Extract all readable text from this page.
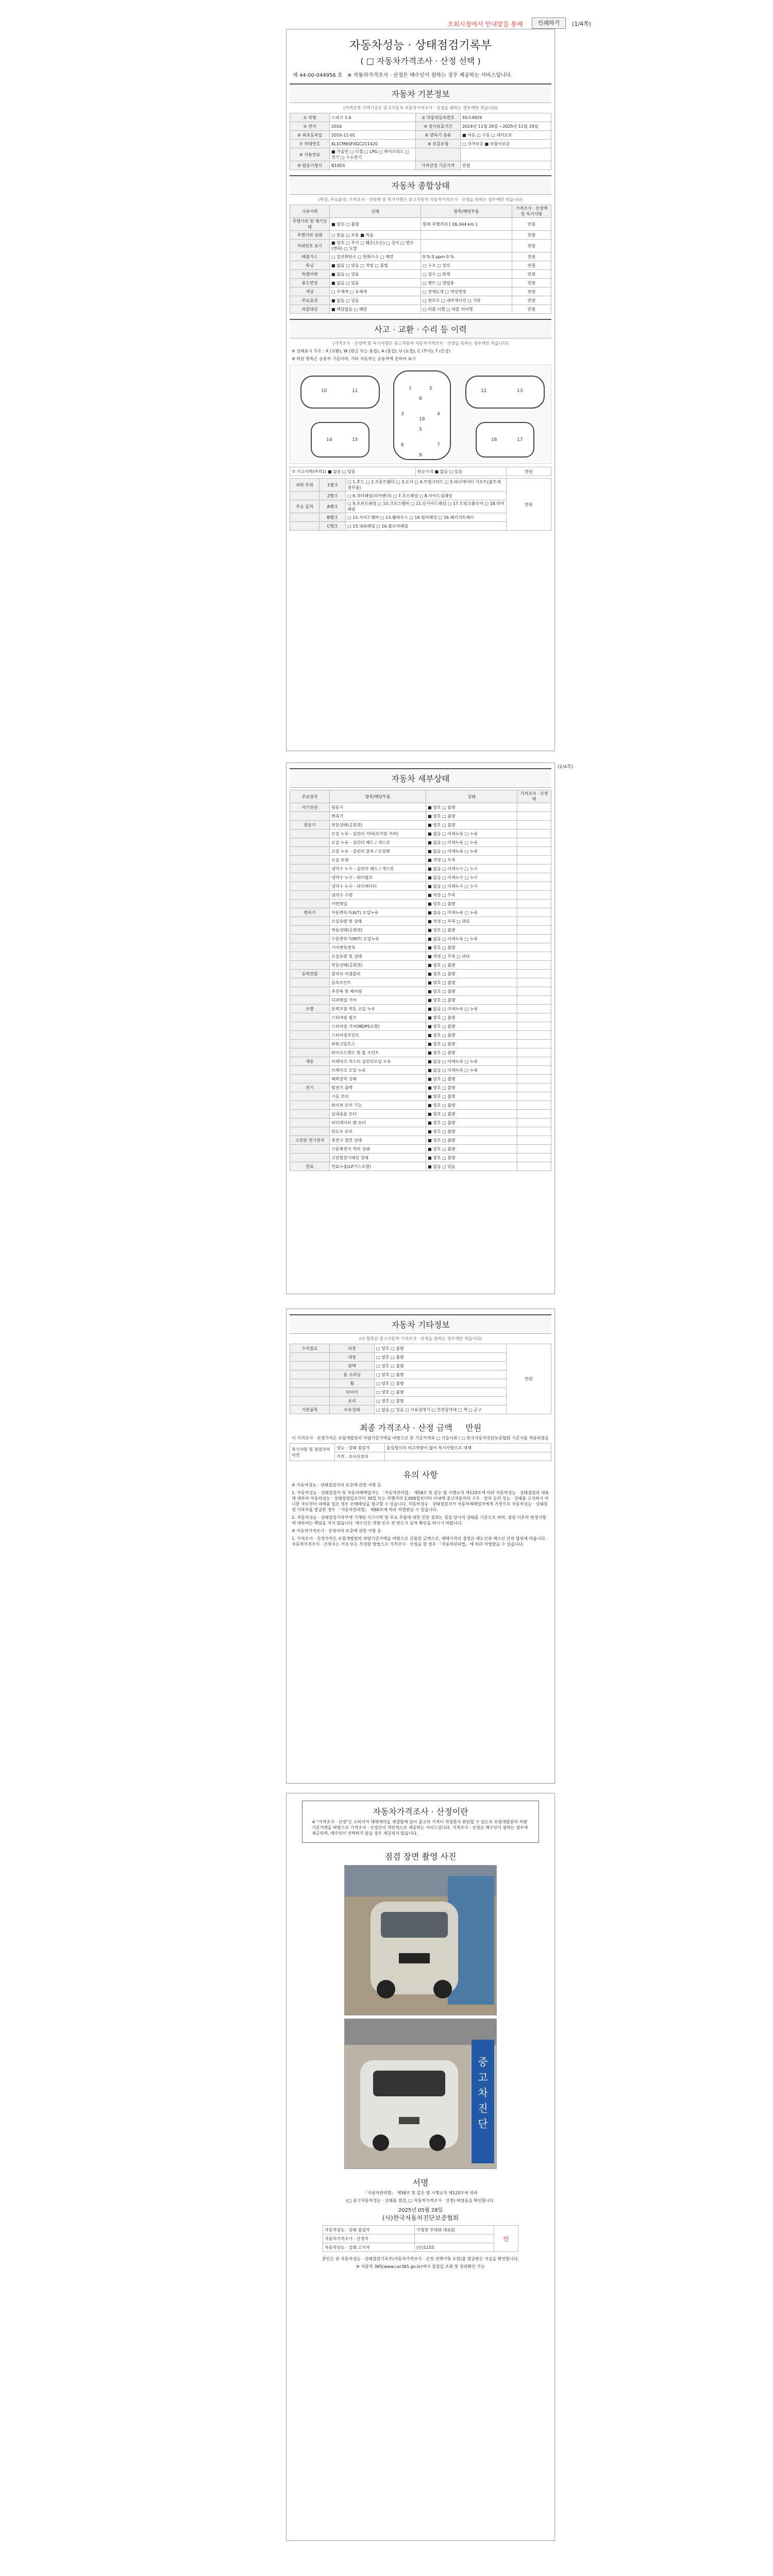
조회시점에서 안내말을 통해	인쇄하기	(1/4쪽)
자동차성능 · 상태점검기록부
( □ 자동차가격조사 · 산정 선택 )
제 44-00-044956 호 ※ 자동차가격조사 · 산정은 매수인이 원하는 경우 제공하는 서비스입니다.
자동차 기본정보
(가격산정 가격기준은 중고자동차 자동차가격조사 · 산정을 원하는 경우에만 적습니다)
① 차명	스파크 1.0	② 자동차등록번호	50조4929
③ 연식	2016	④ 검사유효기간	2024년 11월 20일 ~2025년 11월 19일
⑤ 최초등록일	2016-11-01	⑥ 변속기 종류	■ 자동 □ 수동 □ 세미오토
⑦ 차대번호	KL1CM6SFXGC211420	⑧ 보증유형	□ 자가보증 ■ 보험사보증
⑨ 사용연료	■ 가솔린 □ 디젤 □ LPG □ 하이브리드 □ 전기 □ 수소전기		
⑩ 원동기형식	B10D1	가격산정 기준가격	만원
자동차 종합상태
(특정, 주요옵션, 가격조사 · 산정액 및 특기사항은 중고자동차 자동차가격조사 · 산정을 원하는 경우에만 적습니다)
사용이력	상태	항목/해당부품	가격조사 · 산정액 및 특기사항
주행거리 및 계기상태	■ 양호 □ 불량	현재 주행거리 [ 26,344 km ]	만원
주행거리 상태	□ 많음 □ 보통 ■ 적음		만원
차대번호 표기	■ 양호 □ 부식 □ 훼손(오손) □ 상이 □ 변조(변타) □ 도말		만원
배출가스	□ 일산화탄소 □ 탄화수소 □ 매연	0 % 0 ppm 0 %	만원
튜닝	■ 없음 □ 있음 □ 적법 □ 불법	□ 구조 □ 장치	만원
특별이력	■ 없음 □ 있음	□ 침수 □ 화재	만원
용도변경	■ 없음 □ 있음	□ 렌트 □ 영업용	만원
색상	□ 무채색 □ 유채색	□ 전체도색 □ 색상변경	만원
주요옵션	■ 없음 □ 있음	□ 썬루프 □ 네비게이션 □ 기타	만원
리콜대상	■ 해당없음 □ 해당	□ 리콜 이행 □ 리콜 미이행	만원
사고 · 교환 · 수리 등 이력
(가격조사 · 산정액 및 특기사항은 중고자동차 자동차가격조사 · 산정을 원하는 경우에만 적습니다)
※ 상태표시 부호 : X (교환), W (판금 또는 용접), A (흠집), U (요철), C (부식), T (손상)
※ 하단 항목은 승용차 기준이며, 기타 자동차는 승용차에 준하여 표시
1	2
3	4
5
6	7
8
9
10	11	12	13
14	15	16	17
18
⑦ 사고이력(주의1) ■ 없음 □ 있음	단순수리 ■ 없음 □ 있음	만원
외판 부위	1랭크	□ 1.후드 □ 2.프론트휀더 □ 3.도어 □ 4.트렁크리드 □ 5.라디에이터 서포트(볼트체결부품)	만원
	2랭크	□ 6.쿼터패널(리어펜더) □ 7.루프패널 □ 8.사이드실패널	
주요 골격	A랭크	□ 9.프론트패널 □ 10.크로스멤버 □ 11.인사이드패널 □ 17.트렁크플로어 □ 18.리어패널	
	B랭크	□ 12.사이드멤버 □ 13.휠하우스 □ 14.필러패널 □ 16.패키지트레이	
	C랭크	□ 15.대쉬패널 □ 16.플로어패널	
(2/4쪽)
자동차 세부상태
주요장치	항목/해당부품	상태	가격조사 · 산정액
자기진단	원동기	■ 양호 □ 불량	
	변속기	■ 양호 □ 불량	
원동기	작동상태(공회전)	■ 양호 □ 불량	
	오일 누유 - 실린더 커버(로커암 커버)	■ 없음 □ 미세누유 □ 누유	
	오일 누유 - 실린더 헤드 / 개스킷	■ 없음 □ 미세누유 □ 누유	
	오일 누유 - 실린더 블록 / 오일팬	■ 없음 □ 미세누유 □ 누유	
	오일 유량	■ 적정 □ 부족	
	냉각수 누수 - 실린더 헤드 / 개스킷	■ 없음 □ 미세누수 □ 누수	
	냉각수 누수 - 워터펌프	■ 없음 □ 미세누수 □ 누수	
	냉각수 누수 - 라디에이터	■ 없음 □ 미세누수 □ 누수	
	냉각수 수량	■ 적정 □ 부족	
	커먼레일	■ 양호 □ 불량	
변속기	자동변속기(A/T) 오일누유	■ 없음 □ 미세누유 □ 누유	
	오일유량 및 상태	■ 적정 □ 부족 □ 과다	
	작동상태(공회전)	■ 양호 □ 불량	
	수동변속기(M/T) 오일누유	■ 없음 □ 미세누유 □ 누유	
	기어변속장치	■ 양호 □ 불량	
	오일유량 및 상태	■ 적정 □ 부족 □ 과다	
	작동상태(공회전)	■ 양호 □ 불량	
동력전달	클러치 어셈블리	■ 양호 □ 불량	
	등속조인트	■ 양호 □ 불량	
	추진축 및 베어링	■ 양호 □ 불량	
	디퍼렌셜 기어	■ 양호 □ 불량	
조향	동력조향 작동 오일 누유	■ 없음 □ 미세누유 □ 누유	
	스티어링 펌프	■ 양호 □ 불량	
	스티어링 기어(MDPS포함)	■ 양호 □ 불량	
	스티어링조인트	■ 양호 □ 불량	
	파워고압호스	■ 양호 □ 불량	
	타이로드엔드 및 볼 조인트	■ 양호 □ 불량	
제동	브레이크 마스터 실린더오일 누유	■ 없음 □ 미세누유 □ 누유	
	브레이크 오일 누유	■ 없음 □ 미세누유 □ 누유	
	배력장치 상태	■ 양호 □ 불량	
전기	발전기 출력	■ 양호 □ 불량	
	시동 모터	■ 양호 □ 불량	
	와이퍼 모터 기능	■ 양호 □ 불량	
	실내송풍 모터	■ 양호 □ 불량	
	라디에이터 팬 모터	■ 양호 □ 불량	
	윈도우 모터	■ 양호 □ 불량	
고전원 전기장치	충전구 절연 상태	■ 양호 □ 불량	
	구동축전지 격리 상태	■ 양호 □ 불량	
	고전원전기배선 상태	■ 양호 □ 불량	
연료	연료누출(LP가스포함)	■ 없음 □ 있음	
자동차 기타정보
(이 항목은 중고자동차 가격조사 · 산정을 원하는 경우에만 적습니다)
수리필요	외장	□ 양호 □ 불량	만원
	내장	□ 양호 □ 불량	
	광택	□ 양호 □ 불량	
	룸 크리닝	□ 양호 □ 불량	
	휠	□ 양호 □ 불량	
	타이어	□ 양호 □ 불량	
	유리	□ 양호 □ 불량	
기본품목	보유상태	□ 없음 □ 있음 □ 사용설명서 □ 안전삼각대 □ 잭 □ 공구	
최종 가격조사 · 산정 금액 만원
이 가격조사 · 산정가격은 보험개발원의 차량기준가액을 바탕으로 한 기준가격과 □ 기술사회 / □ 한국자동차진단보증협회 기준서를 적용하였음
특기사항 및 점검자의 의견	성능 · 상태 점검자	동일형식의 비교차량이 없어 특기사항으로 대체
	가격 · 조사산정자	
유의 사항
※ 자동차성능 · 상태점검자의 보증에 관한 사항 등
1. 자동차성능 · 상태점검자 및 자동차매매업자는 「자동차관리법」 제58조 및 같은 법 시행규칙 제120조에 따라 자동차성능 · 상태점검의 내용에 대하여 자동차성능 · 상태점검일로부터 30일 또는 주행거리 2,000킬로미터 이내에 중고자동차의 구조 · 장치 등의 성능 · 상태를 고지하지 아니한 자로부터 피해를 입은 경우 손해배상을 청구할 수 있습니다. 자동차성능 · 상태점검자가 자동차매매업자에게 거짓으로 자동차성능 · 상태점검 기록부를 발급한 경우 「자동차관리법」 제80조에 따라 처벌받을 수 있습니다.
2. 자동차성능 · 상태점검기록부에 기재된 사고이력 및 주요 부품에 대한 진단 결과는 점검 당시의 상태를 기준으로 하며, 점검 이후의 변경사항에 대하여는 책임을 지지 않습니다. 매수인은 차량 인수 전 반드시 실차 확인을 하시기 바랍니다.
※ 자동차가격조사 · 산정자의 보증에 관한 사항 등
1. 가격조사 · 산정가격은 보험개발원의 차량기준가액을 바탕으로 산출한 금액으로, 매매가격의 결정은 매도인과 매수인 간의 합의에 따릅니다. 자동차가격조사 · 산정자는 거짓 또는 부정한 방법으로 가격조사 · 산정을 한 경우 「자동차관리법」에 따라 처벌받을 수 있습니다.
자동차가격조사 · 산정이란
※ "가격조사 · 산정"은 소비자가 매매계약을 체결함에 있어 중고차 가격이 적정한지 판단할 수 있도록 보험개발원의 차량기준가액을 바탕으로 가격조사 · 산정인이 객관적으로 제공하는 서비스입니다. 가격조사 · 산정은 매수인이 원하는 경우에 제공되며, 매수인이 선택하지 않을 경우 제공되지 않습니다.
점검 장면 촬영 사진
중
고
차
진
단
서명
「자동차관리법」 제58조 및 같은 법 시행규칙 제120조에 따라
(□ 중고자동차성능 · 상태를 점검, □ 자동차가격조사 · 산정) 하였음을 확인합니다.
2025년 05월 28일
(사)한국자동차진단보증협회
자동차성능 · 상태 점검자	가경장 부대위 대표원	인
자동차가격조사 · 산정자		
자동차성능 · 상태 고지자	(인)1153	
본인은 위 자동차성능 · 상태점검기록부(자동차가격조사 · 산정 선택사항 포함)를 발급받은 사실을 확인합니다.
※ 자동차 365(www.car365.go.kr)에서 점검일 조회 및 진위확인 가능
